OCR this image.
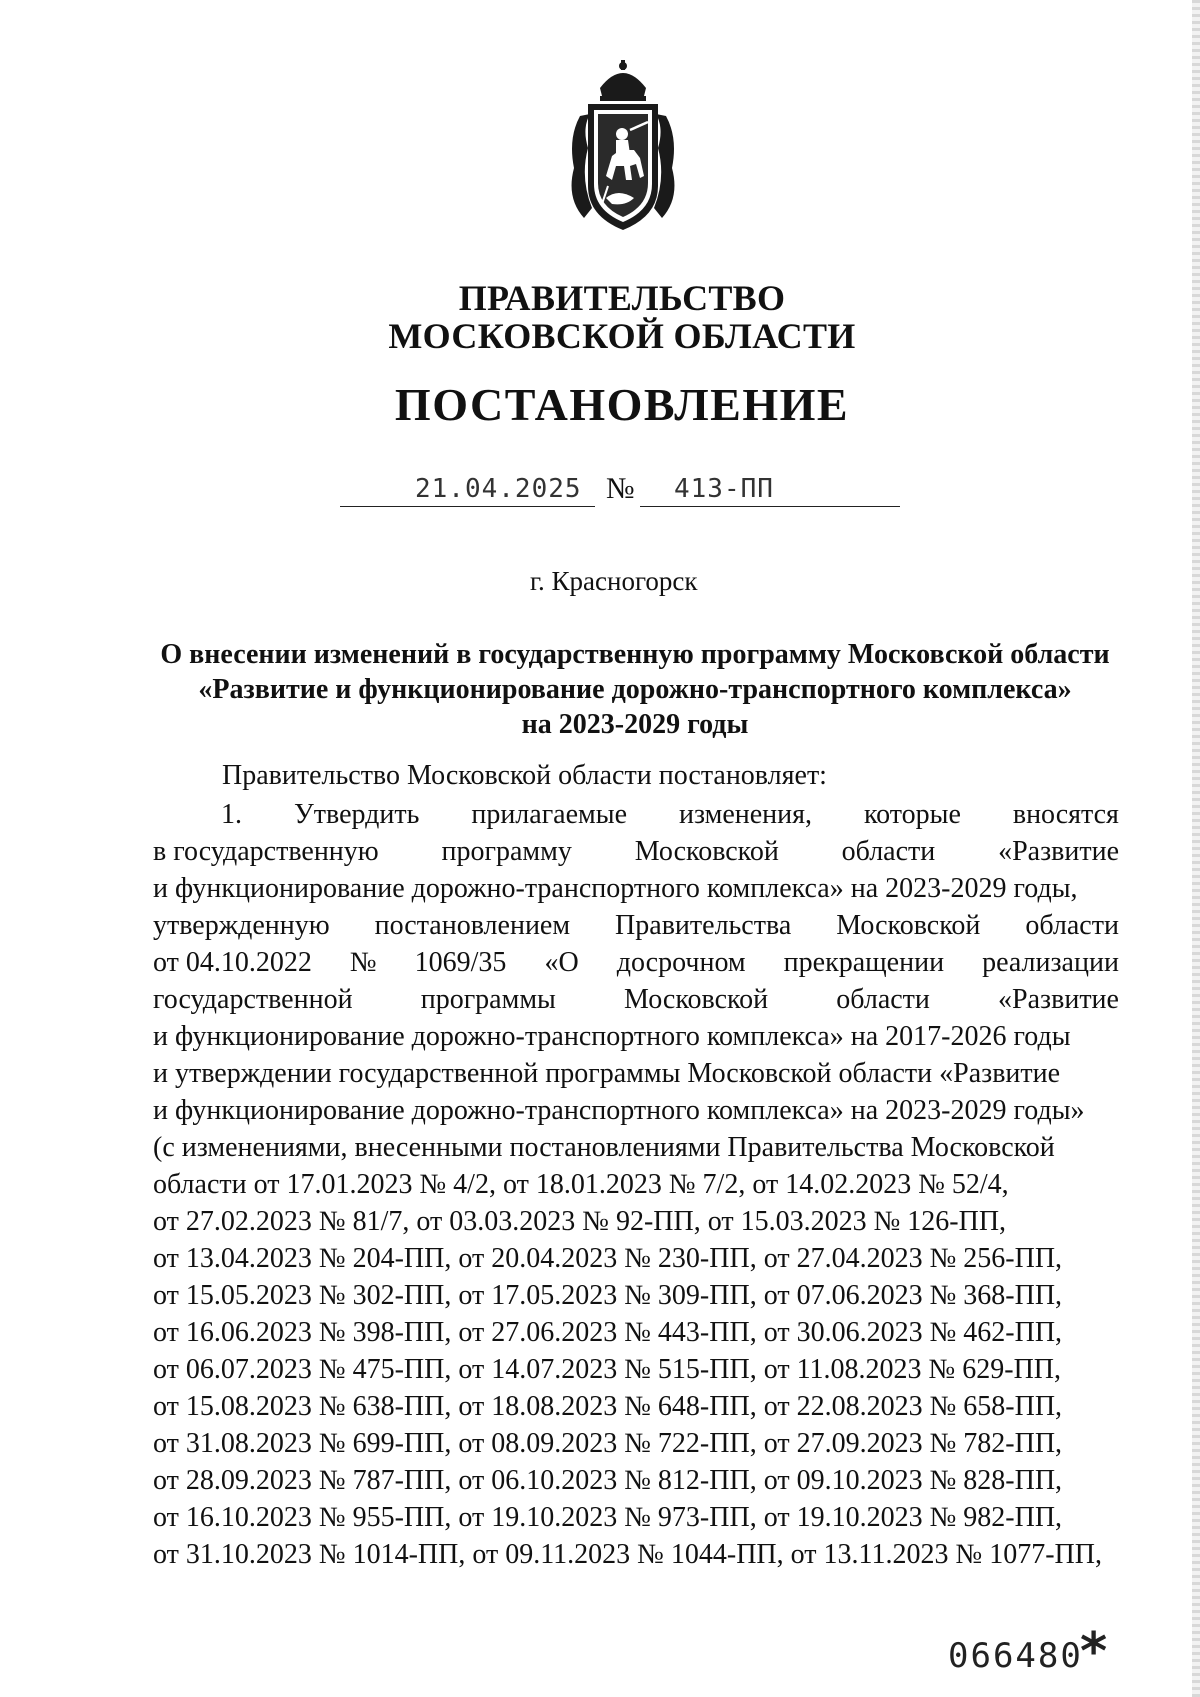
ПРАВИТЕЛЬСТВО
МОСКОВСКОЙ ОБЛАСТИ
ПОСТАНОВЛЕНИЕ
21.04.2025 № 413-ПП
г. Красногорск
О внесении изменений в государственную программу Московской области
«Развитие и функционирование дорожно-транспортного комплекса»
на 2023-2029 годы
Правительство Московской области постановляет:
1. Утвердить прилагаемые изменения, которые вносятся
в государственную программу Московской области «Развитие
и функционирование дорожно-транспортного комплекса» на 2023-2029 годы,
утвержденную постановлением Правительства Московской области
от 04.10.2022 № 1069/35 «О досрочном прекращении реализации
государственной программы Московской области «Развитие
и функционирование дорожно-транспортного комплекса» на 2017-2026 годы
и утверждении государственной программы Московской области «Развитие
и функционирование дорожно-транспортного комплекса» на 2023-2029 годы»
(с изменениями, внесенными постановлениями Правительства Московской
области от 17.01.2023 № 4/2, от 18.01.2023 № 7/2, от 14.02.2023 № 52/4,
от 27.02.2023 № 81/7, от 03.03.2023 № 92-ПП, от 15.03.2023 № 126-ПП,
от 13.04.2023 № 204-ПП, от 20.04.2023 № 230-ПП, от 27.04.2023 № 256-ПП,
от 15.05.2023 № 302-ПП, от 17.05.2023 № 309-ПП, от 07.06.2023 № 368-ПП,
от 16.06.2023 № 398-ПП, от 27.06.2023 № 443-ПП, от 30.06.2023 № 462-ПП,
от 06.07.2023 № 475-ПП, от 14.07.2023 № 515-ПП, от 11.08.2023 № 629-ПП,
от 15.08.2023 № 638-ПП, от 18.08.2023 № 648-ПП, от 22.08.2023 № 658-ПП,
от 31.08.2023 № 699-ПП, от 08.09.2023 № 722-ПП, от 27.09.2023 № 782-ПП,
от 28.09.2023 № 787-ПП, от 06.10.2023 № 812-ПП, от 09.10.2023 № 828-ПП,
от 16.10.2023 № 955-ПП, от 19.10.2023 № 973-ПП, от 19.10.2023 № 982-ПП,
от 31.10.2023 № 1014-ПП, от 09.11.2023 № 1044-ПП, от 13.11.2023 № 1077-ПП,
066480
*
